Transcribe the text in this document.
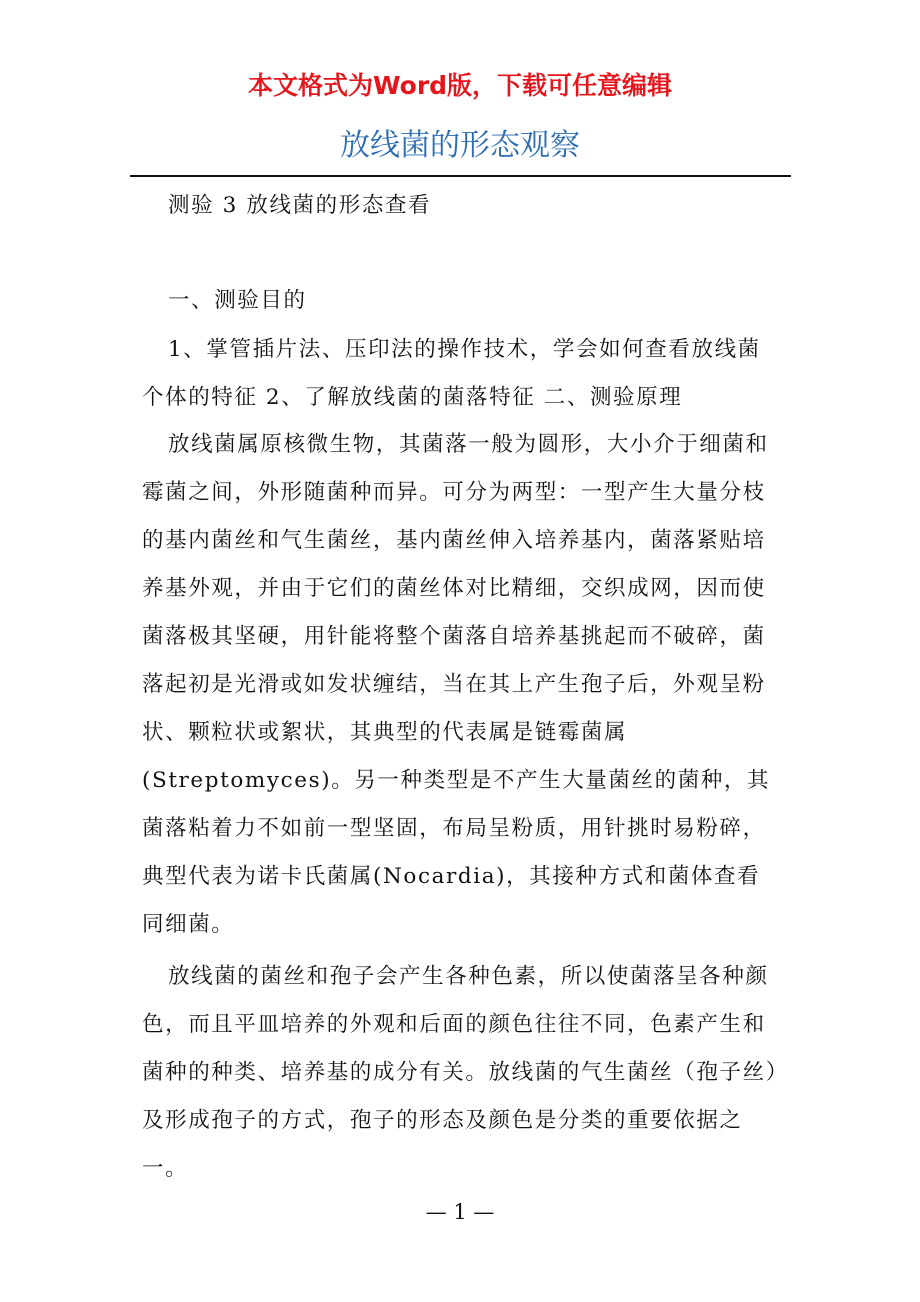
本文格式为Word版，下载可任意编辑
放线菌的形态观察
测验 3 放线菌的形态查看
一、测验目的
1、掌管插片法、压印法的操作技术，学会如何查看放线菌个体的特征 2、了解放线菌的菌落特征 二、测验原理
放线菌属原核微生物，其菌落一般为圆形，大小介于细菌和霉菌之间，外形随菌种而异。可分为两型：一型产生大量分枝的基内菌丝和气生菌丝，基内菌丝伸入培养基内，菌落紧贴培养基外观，并由于它们的菌丝体对比精细，交织成网，因而使菌落极其坚硬，用针能将整个菌落自培养基挑起而不破碎，菌落起初是光滑或如发状缠结，当在其上产生孢子后，外观呈粉状、颗粒状或絮状，其典型的代表属是链霉菌属(Streptomyces)。另一种类型是不产生大量菌丝的菌种，其菌落粘着力不如前一型坚固，布局呈粉质，用针挑时易粉碎，典型代表为诺卡氏菌属(Nocardia)，其接种方式和菌体查看同细菌。
放线菌的菌丝和孢子会产生各种色素，所以使菌落呈各种颜色，而且平皿培养的外观和后面的颜色往往不同，色素产生和菌种的种类、培养基的成分有关。放线菌的气生菌丝（孢子丝）及形成孢子的方式，孢子的形态及颜色是分类的重要依据之一。
— 1 —
